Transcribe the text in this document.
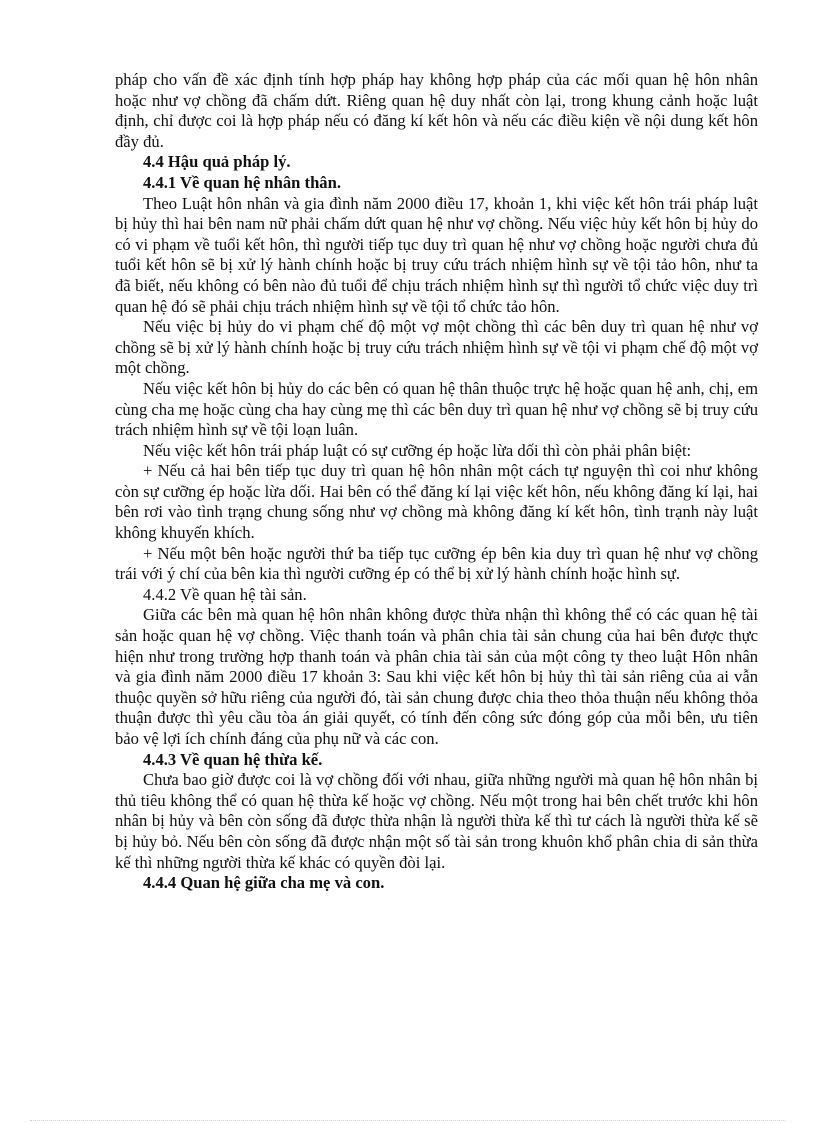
pháp cho vấn đề xác định tính hợp pháp hay không hợp pháp của các mối quan hệ hôn nhân hoặc như vợ chồng đã chấm dứt. Riêng quan hệ duy nhất còn lại, trong khung cảnh hoặc luật định, chỉ được coi là hợp pháp nếu có đăng kí kết hôn và nếu các điều kiện về nội dung kết hôn đầy đủ.

4.4 Hậu quả pháp lý.

4.4.1 Về quan hệ nhân thân.

Theo Luật hôn nhân và gia đình năm 2000 điều 17, khoản 1, khi việc kết hôn trái pháp luật bị hủy thì hai bên nam nữ phải chấm dứt quan hệ như vợ chồng. Nếu việc hủy kết hôn bị hủy do có vi phạm về tuổi kết hôn, thì người tiếp tục duy trì quan hệ như vợ chồng hoặc người chưa đủ tuổi kết hôn sẽ bị xử lý hành chính hoặc bị truy cứu trách nhiệm hình sự về tội tảo hôn, như ta đã biết, nếu không có bên nào đủ tuổi để chịu trách nhiệm hình sự thì người tổ chức việc duy trì quan hệ đó sẽ phải chịu trách nhiệm hình sự về tội tổ chức tảo hôn.

Nếu việc bị hủy do vi phạm chế độ một vợ một chồng thì các bên duy trì quan hệ như vợ chồng sẽ bị xử lý hành chính hoặc bị truy cứu trách nhiệm hình sự về tội vi phạm chế độ một vợ một chồng.

Nếu việc kết hôn bị hủy do các bên có quan hệ thân thuộc trực hệ hoặc quan hệ anh, chị, em cùng cha mẹ hoặc cùng cha hay cùng mẹ thì các bên duy trì quan hệ như vợ chồng sẽ bị truy cứu trách nhiệm hình sự về tội loạn luân.

Nếu việc kết hôn trái pháp luật có sự cưỡng ép hoặc lừa dối thì còn phải phân biệt:

+ Nếu cả hai bên tiếp tục duy trì quan hệ hôn nhân một cách tự nguyện thì coi như không còn sự cưỡng ép hoặc lừa dối. Hai bên có thể đăng kí lại việc kết hôn, nếu không đăng kí lại, hai bên rơi vào tình trạng chung sống như vợ chồng mà không đăng kí kết hôn, tình trạnh này luật không khuyến khích.

+ Nếu một bên hoặc người thứ ba tiếp tục cưỡng ép bên kia duy trì quan hệ như vợ chồng trái với ý chí của bên kia thì người cưỡng ép có thể bị xử lý hành chính hoặc hình sự.

4.4.2 Về quan hệ tài sản.

Giữa các bên mà quan hệ hôn nhân không được thừa nhận thì không thể có các quan hệ tài sản hoặc quan hệ vợ chồng. Việc thanh toán và phân chia tài sản chung của hai bên được thực hiện như trong trường hợp thanh toán và phân chia tài sản của một công ty theo luật Hôn nhân và gia đình năm 2000 điều 17 khoản 3: Sau khi việc kết hôn bị hủy thì tài sản riêng của ai vẫn thuộc quyền sở hữu riêng của người đó, tài sản chung được chia theo thỏa thuận nếu không thỏa thuận được thì yêu cầu tòa án giải quyết, có tính đến công sức đóng góp của mỗi bên, ưu tiên bảo vệ lợi ích chính đáng của phụ nữ và các con.

4.4.3 Về quan hệ thừa kế.

Chưa bao giờ được coi là vợ chồng đối với nhau, giữa những người mà quan hệ hôn nhân bị thủ tiêu không thể có quan hệ thừa kế hoặc vợ chồng. Nếu một trong hai bên chết trước khi hôn nhân bị hủy và bên còn sống đã được thừa nhận là người thừa kế thì tư cách là người thừa kế sẽ bị hủy bỏ. Nếu bên còn sống đã được nhận một số tài sản trong khuôn khổ phân chia di sản thừa kế thì những người thừa kế khác có quyền đòi lại.

4.4.4 Quan hệ giữa cha mẹ và con.
